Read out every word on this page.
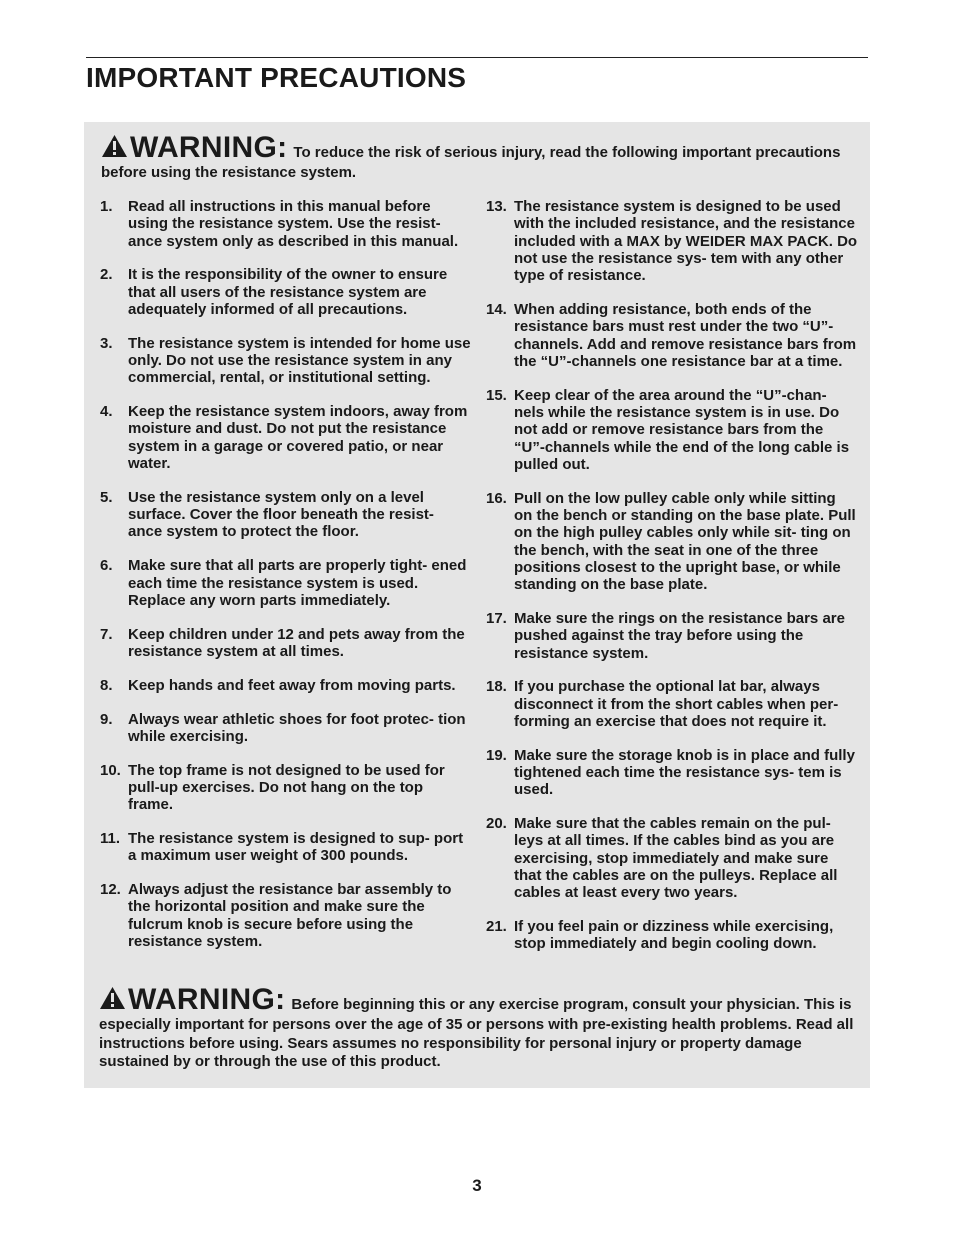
IMPORTANT PRECAUTIONS
WARNING: To reduce the risk of serious injury, read the following important precautions before using the resistance system.
1. Read all instructions in this manual before using the resistance system. Use the resist- ance system only as described in this manual.
2. It is the responsibility of the owner to ensure that all users of the resistance system are adequately informed of all precautions.
3. The resistance system is intended for home use only. Do not use the resistance system in any commercial, rental, or institutional setting.
4. Keep the resistance system indoors, away from moisture and dust. Do not put the resistance system in a garage or covered patio, or near water.
5. Use the resistance system only on a level surface. Cover the floor beneath the resist- ance system to protect the floor.
6. Make sure that all parts are properly tight- ened each time the resistance system is used. Replace any worn parts immediately.
7. Keep children under 12 and pets away from the resistance system at all times.
8. Keep hands and feet away from moving parts.
9. Always wear athletic shoes for foot protec- tion while exercising.
10. The top frame is not designed to be used for pull-up exercises. Do not hang on the top frame.
11. The resistance system is designed to sup- port a maximum user weight of 300 pounds.
12. Always adjust the resistance bar assembly to the horizontal position and make sure the fulcrum knob is secure before using the resistance system.
13. The resistance system is designed to be used with the included resistance, and the resistance included with a MAX by WEIDER MAX PACK. Do not use the resistance sys- tem with any other type of resistance.
14. When adding resistance, both ends of the resistance bars must rest under the two “U”- channels. Add and remove resistance bars from the “U”-channels one resistance bar at a time.
15. Keep clear of the area around the “U”-chan- nels while the resistance system is in use. Do not add or remove resistance bars from the “U”-channels while the end of the long cable is pulled out.
16. Pull on the low pulley cable only while sitting on the bench or standing on the base plate. Pull on the high pulley cables only while sit- ting on the bench, with the seat in one of the three positions closest to the upright base, or while standing on the base plate.
17. Make sure the rings on the resistance bars are pushed against the tray before using the resistance system.
18. If you purchase the optional lat bar, always disconnect it from the short cables when per- forming an exercise that does not require it.
19. Make sure the storage knob is in place and fully tightened each time the resistance sys- tem is used.
20. Make sure that the cables remain on the pul- leys at all times. If the cables bind as you are exercising, stop immediately and make sure that the cables are on the pulleys. Replace all cables at least every two years.
21. If you feel pain or dizziness while exercising, stop immediately and begin cooling down.
WARNING: Before beginning this or any exercise program, consult your physician. This is especially important for persons over the age of 35 or persons with pre-existing health problems. Read all instructions before using. Sears assumes no responsibility for personal injury or property damage sustained by or through the use of this product.
3
